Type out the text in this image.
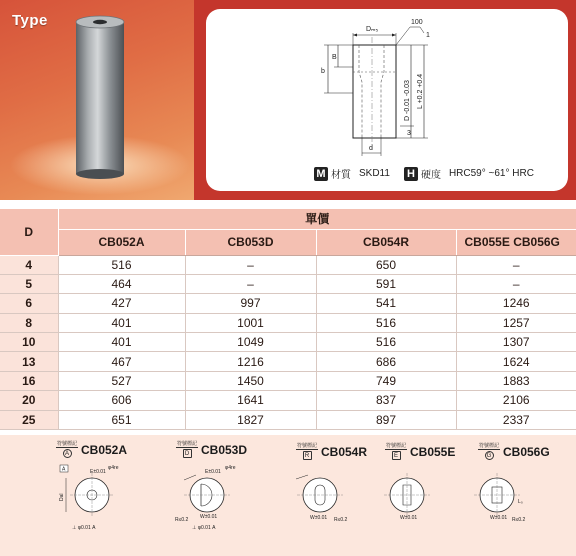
Type
Dₘ₅
100
1
B
b
D -0.01 -0.03 L +0.2 +0.4
3
d
M 材質 SKD11 H 硬度 HRC59° ~61° HRC
D	單價			
	CB052A	CB053D	CB054R	CB055E CB056G
4	516	–	650	–
5	464	–	591	–
6	427	997	541	1246
8	401	1001	516	1257
10	401	1049	516	1307
13	467	1216	686	1624
16	527	1450	749	1883
20	606	1641	837	2106
25	651	1827	897	2337
A	E±0.01
φ4re
Dal
⊥ φ0.01 A
φ4re
E±0.01
W±0.01
R≤0.2
⊥ φ0.01 A
W±0.01 R≤0.2	W±0.01	W±0.01 R≤0.2
L₀
符號標記
A	CB052A	符號標記
D CB053D	符號標記
R CB054R	符號標記
E	CB055E	符號標記
G CB056G
